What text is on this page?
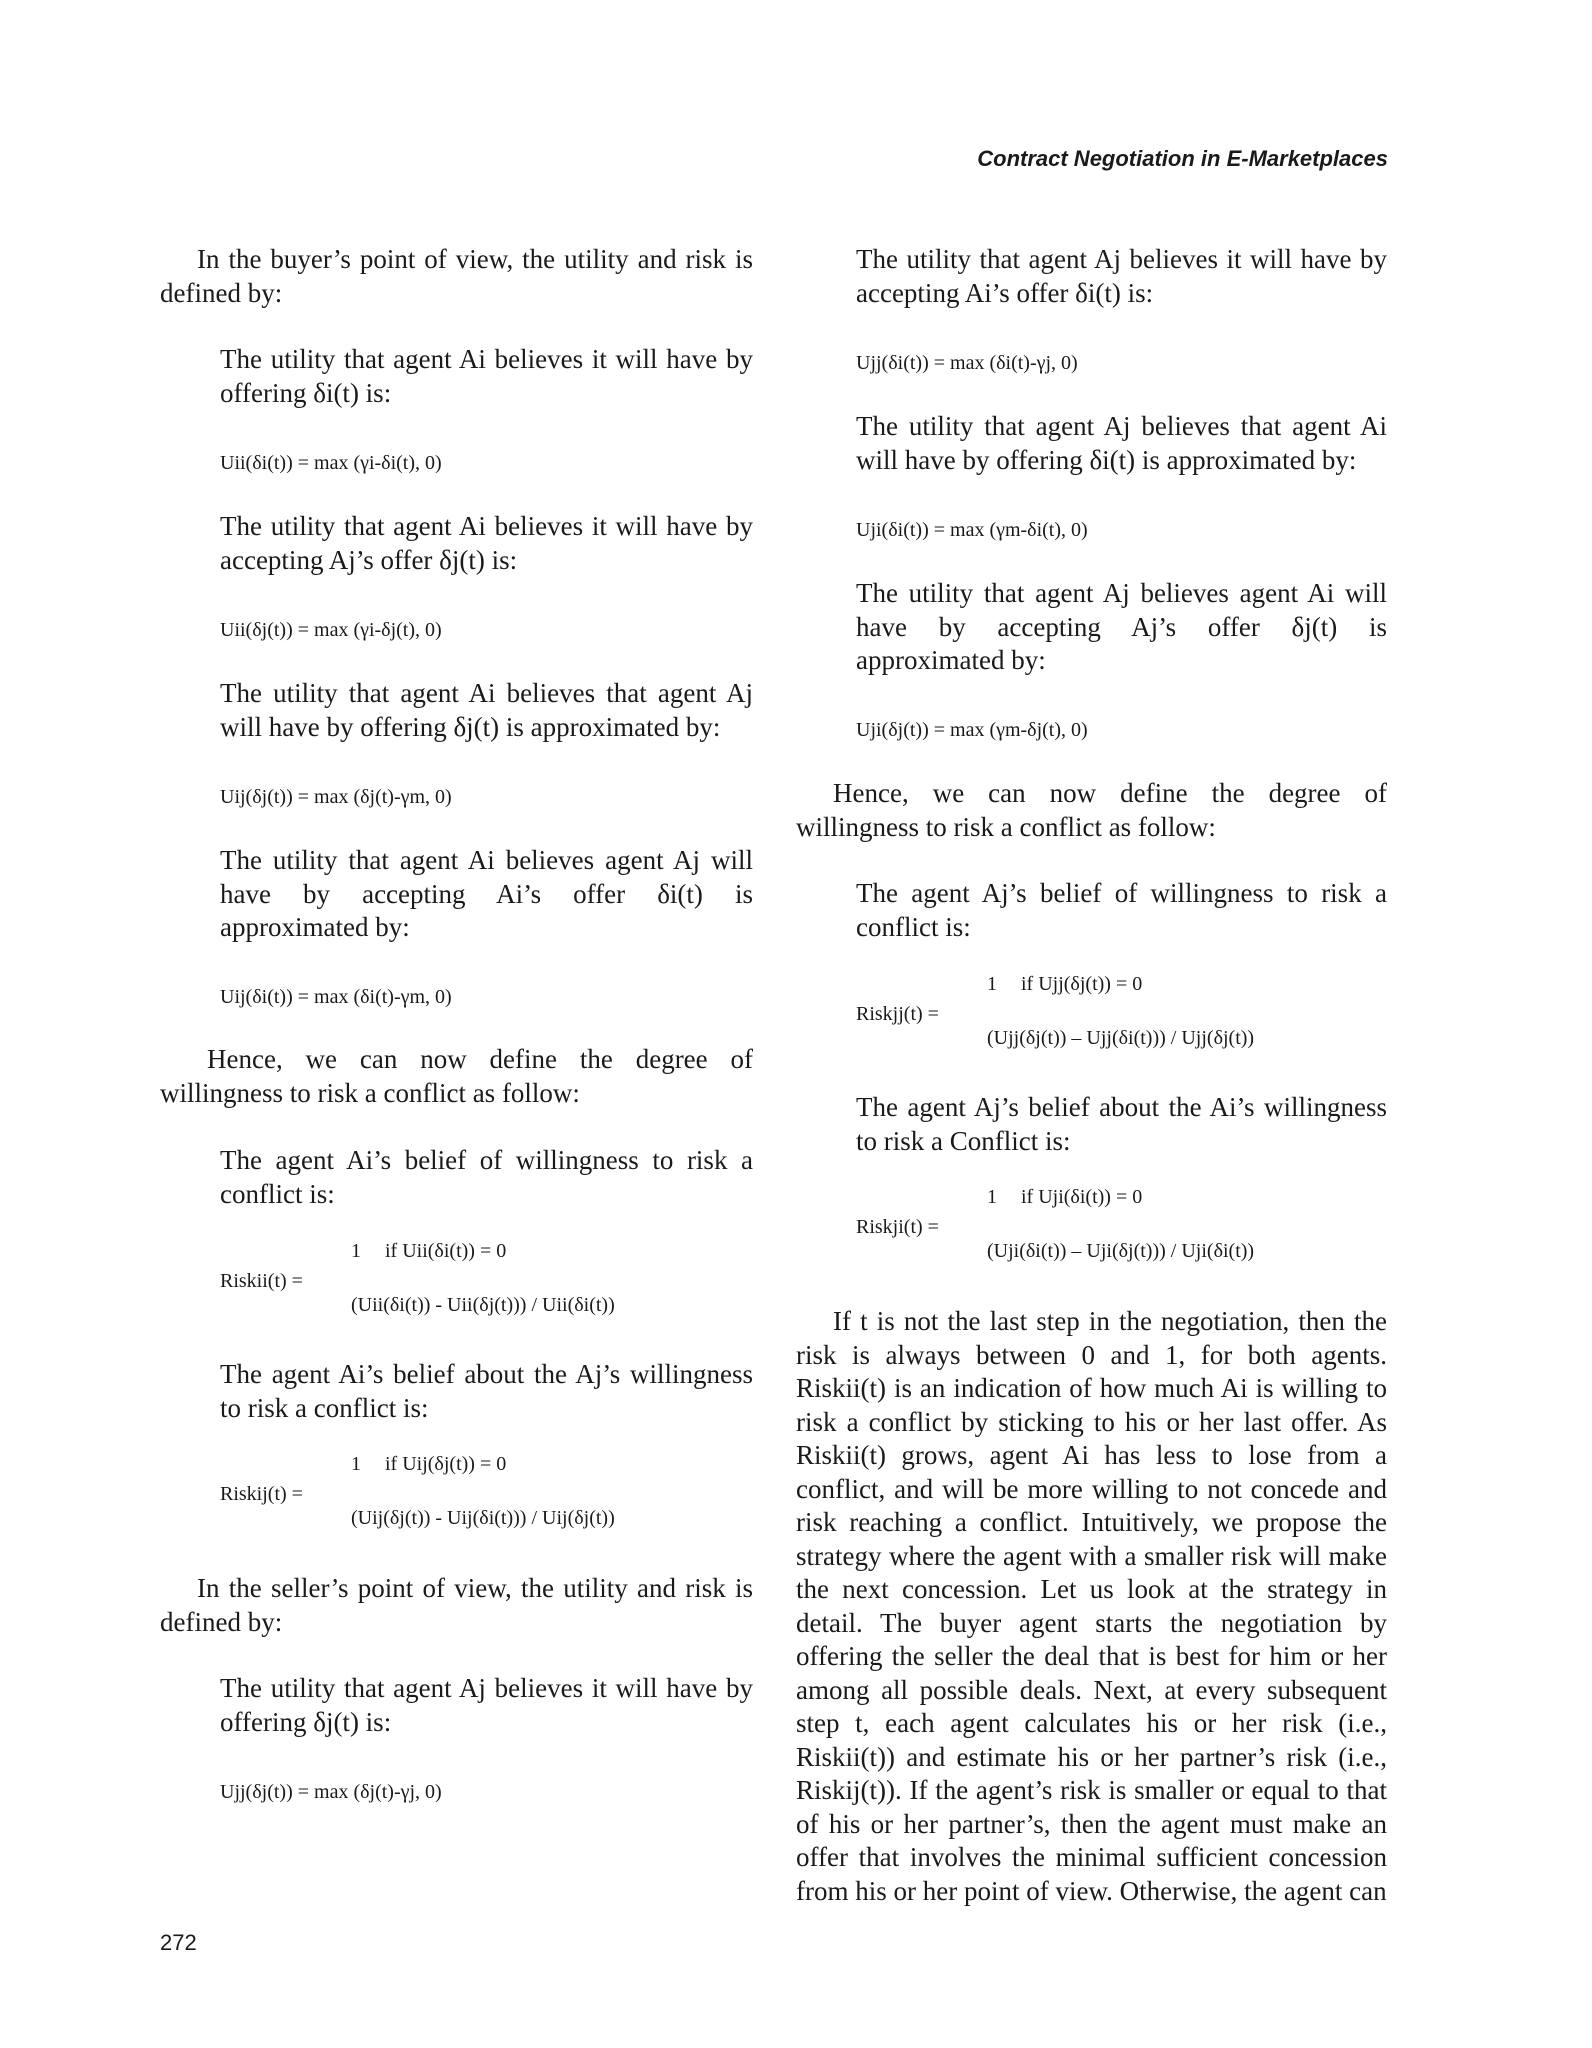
Contract Negotiation in E-Marketplaces

In the buyer’s point of view, the utility and risk is defined by:

The utility that agent Ai believes it will have by offering δi(t) is:

Uii(δi(t)) = max (γi-δi(t), 0)

The utility that agent Ai believes it will have by accepting Aj’s offer δj(t) is:

Uii(δj(t)) = max (γi-δj(t), 0)

The utility that agent Ai believes that agent Aj will have by offering δj(t) is approximated by:

Uij(δj(t)) = max (δj(t)-γm, 0)

The utility that agent Ai believes agent Aj will have by accepting Ai’s offer δi(t) is approximated by:

Uij(δi(t)) = max (δi(t)-γm, 0)

Hence, we can now define the degree of willingness to risk a conflict as follow:

The agent Ai’s belief of willingness to risk a conflict is:

Riskii(t) =
1 if Uii(δi(t)) = 0
(Uii(δi(t)) - Uii(δj(t))) / Uii(δi(t))

The agent Ai’s belief about the Aj’s willingness to risk a conflict is:

Riskij(t) =
1 if Uij(δj(t)) = 0
(Uij(δj(t)) - Uij(δi(t))) / Uij(δj(t))

In the seller’s point of view, the utility and risk is defined by:

The utility that agent Aj believes it will have by offering δj(t) is:

Ujj(δj(t)) = max (δj(t)-γj, 0)

The utility that agent Aj believes it will have by accepting Ai’s offer δi(t) is:

Ujj(δi(t)) = max (δi(t)-γj, 0)

The utility that agent Aj believes that agent Ai will have by offering δi(t) is approximated by:

Uji(δi(t)) = max (γm-δi(t), 0)

The utility that agent Aj believes agent Ai will have by accepting Aj’s offer δj(t) is approximated by:

Uji(δj(t)) = max (γm-δj(t), 0)

Hence, we can now define the degree of willingness to risk a conflict as follow:

The agent Aj’s belief of willingness to risk a conflict is:

Riskjj(t) =
1 if Ujj(δj(t)) = 0
(Ujj(δj(t)) – Ujj(δi(t))) / Ujj(δj(t))

The agent Aj’s belief about the Ai’s willingness to risk a Conflict is:

Riskji(t) =
1 if Uji(δi(t)) = 0
(Uji(δi(t)) – Uji(δj(t))) / Uji(δi(t))

If t is not the last step in the negotiation, then the risk is always between 0 and 1, for both agents. Riskii(t) is an indication of how much Ai is willing to risk a conflict by sticking to his or her last offer. As Riskii(t) grows, agent Ai has less to lose from a conflict, and will be more willing to not concede and risk reaching a conflict. Intuitively, we propose the strategy where the agent with a smaller risk will make the next concession. Let us look at the strategy in detail. The buyer agent starts the negotiation by offering the seller the deal that is best for him or her among all possible deals. Next, at every subsequent step t, each agent calculates his or her risk (i.e., Riskii(t)) and estimate his or her partner’s risk (i.e., Riskij(t)). If the agent’s risk is smaller or equal to that of his or her partner’s, then the agent must make an offer that involves the minimal sufficient concession from his or her point of view. Otherwise, the agent can

272
